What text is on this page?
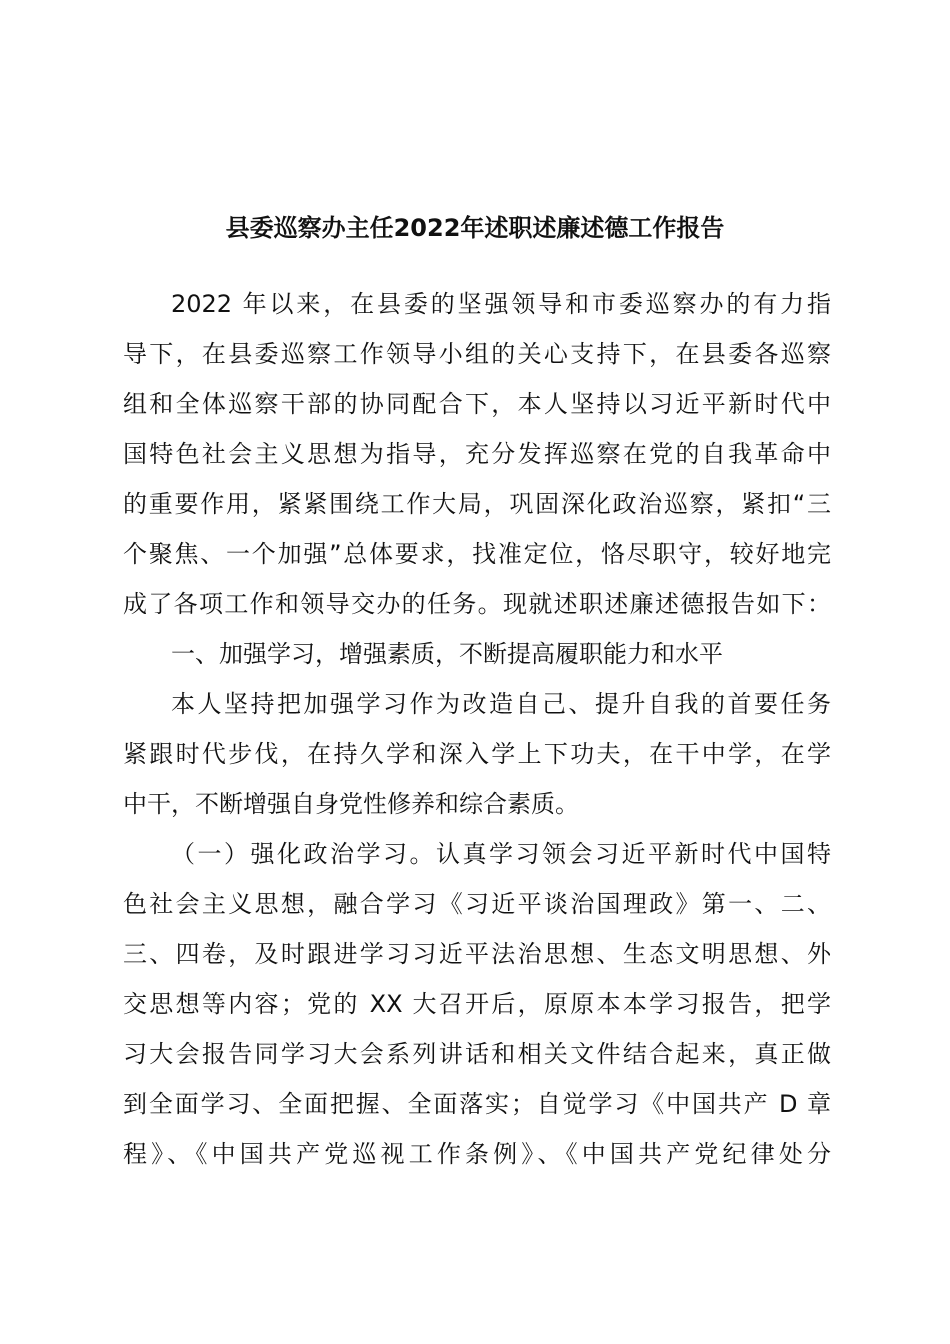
县委巡察办主任2022年述职述廉述德工作报告
2022 年以来，在县委的坚强领导和市委巡察办的有力指
导下，在县委巡察工作领导小组的关心支持下，在县委各巡察
组和全体巡察干部的协同配合下，本人坚持以习近平新时代中
国特色社会主义思想为指导，充分发挥巡察在党的自我革命中
的重要作用，紧紧围绕工作大局，巩固深化政治巡察，紧扣“三
个聚焦、一个加强”总体要求，找准定位，恪尽职守，较好地完
成了各项工作和领导交办的任务。现就述职述廉述德报告如下：
一、加强学习，增强素质，不断提高履职能力和水平
本人坚持把加强学习作为改造自己、提升自我的首要任务
紧跟时代步伐，在持久学和深入学上下功夫，在干中学，在学
中干，不断增强自身党性修养和综合素质。
（一）强化政治学习。认真学习领会习近平新时代中国特
色社会主义思想，融合学习《习近平谈治国理政》第一、二、
三、四卷，及时跟进学习习近平法治思想、生态文明思想、外
交思想等内容；党的 XX 大召开后，原原本本学习报告，把学
习大会报告同学习大会系列讲话和相关文件结合起来，真正做
到全面学习、全面把握、全面落实；自觉学习《中国共产 D 章
程》、《中国共产党巡视工作条例》、《中国共产党纪律处分
